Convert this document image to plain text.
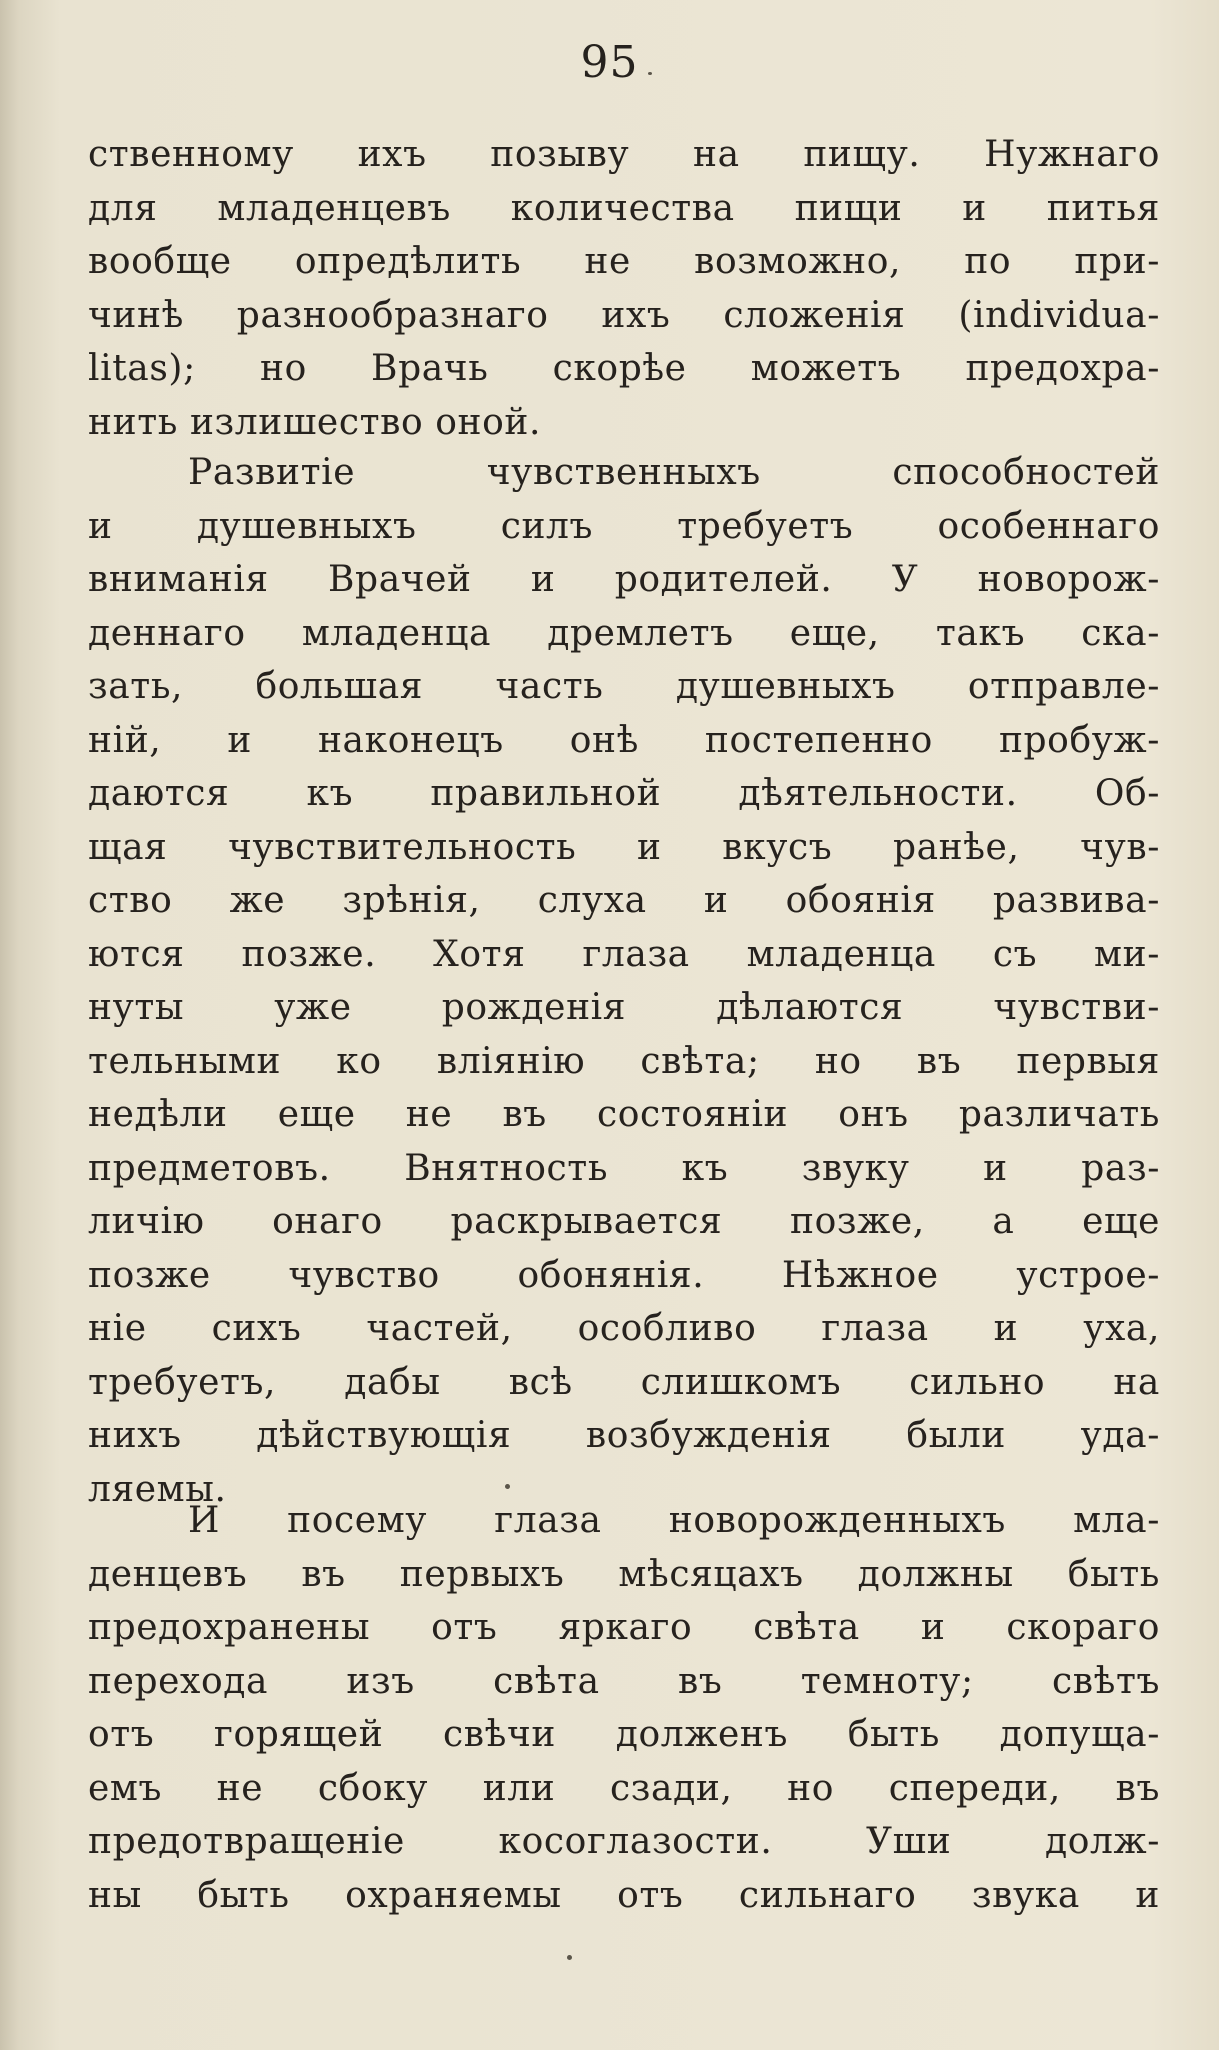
95
ственному ихъ позыву на пищу. Нужнаго
для младенцевъ количества пищи и питья
вообще опредѣлить не возможно, по при-
чинѣ разнообразнаго ихъ сложенія (individua-
litas); но Врачь скорѣе можетъ предохра-
нить излишество оной.
Развитіе чувственныхъ способностей
и душевныхъ силъ требуетъ особеннаго
вниманія Врачей и родителей. У новорож-
деннаго младенца дремлетъ еще, такъ ска-
зать, большая часть душевныхъ отправле-
ній, и наконецъ онѣ постепенно пробуж-
даются къ правильной дѣятельности. Об-
щая чувствительность и вкусъ ранѣе, чув-
ство же зрѣнія, слуха и обоянія развива-
ются позже. Хотя глаза младенца съ ми-
нуты уже рожденія дѣлаются чувстви-
тельными ко вліянію свѣта; но въ первыя
недѣли еще не въ состояніи онъ различать
предметовъ. Внятность къ звуку и раз-
личію онаго раскрывается позже, а еще
позже чувство обонянія. Нѣжное устрое-
ніе сихъ частей, особливо глаза и уха,
требуетъ, дабы всѣ слишкомъ сильно на
нихъ дѣйствующія возбужденія были уда-
ляемы.
И посему глаза новорожденныхъ мла-
денцевъ въ первыхъ мѣсяцахъ должны быть
предохранены отъ яркаго свѣта и скораго
перехода изъ свѣта въ темноту; свѣтъ
отъ горящей свѣчи долженъ быть допуща-
емъ не сбоку или сзади, но спереди, въ
предотвращеніе косоглазости. Уши долж-
ны быть охраняемы отъ сильнаго звука и
